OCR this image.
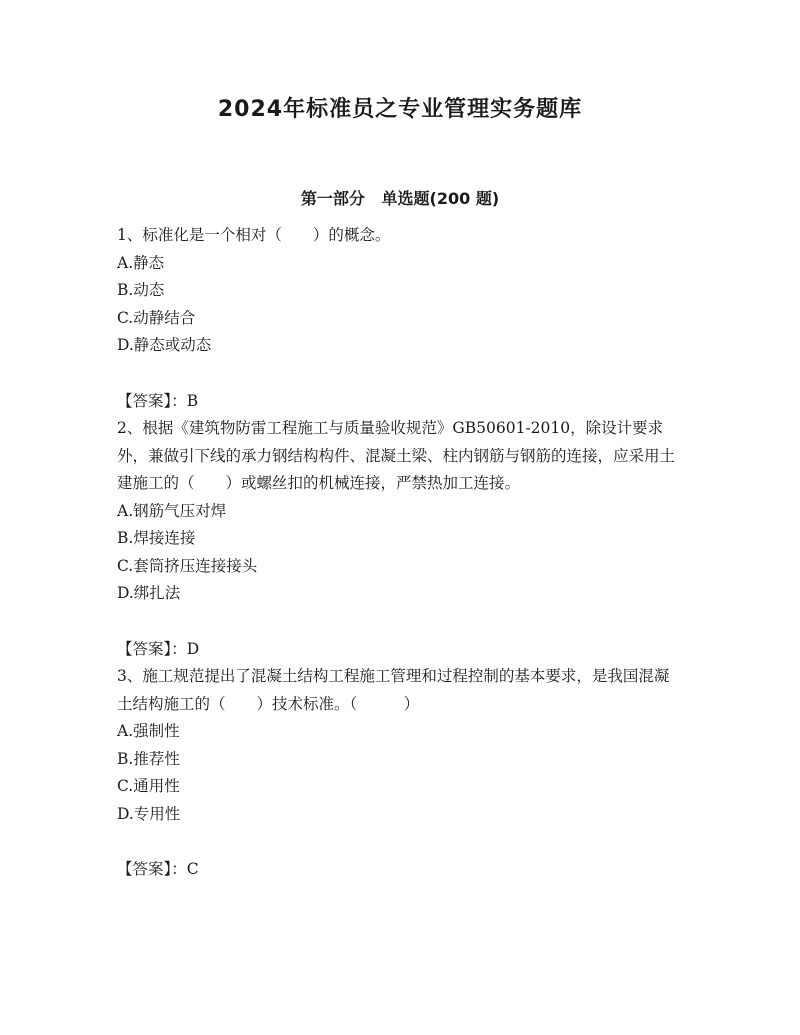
2024年标准员之专业管理实务题库
第一部分   单选题(200 题)

1、标准化是一个相对（　　）的概念。

A.静态

B.动态

C.动静结合

D.静态或动态

【答案】：B

2、根据《建筑物防雷工程施工与质量验收规范》GB50601-2010，除设计要求外，兼做引下线的承力钢结构构件、混凝土梁、柱内钢筋与钢筋的连接，应采用土建施工的（　　）或螺丝扣的机械连接，严禁热加工连接。

A.钢筋气压对焊

B.焊接连接

C.套筒挤压连接接头

D.绑扎法

【答案】：D

3、施工规范提出了混凝土结构工程施工管理和过程控制的基本要求，是我国混凝土结构施工的（　　）技术标准。（　　　）

A.强制性

B.推荐性

C.通用性

D.专用性

【答案】：C
